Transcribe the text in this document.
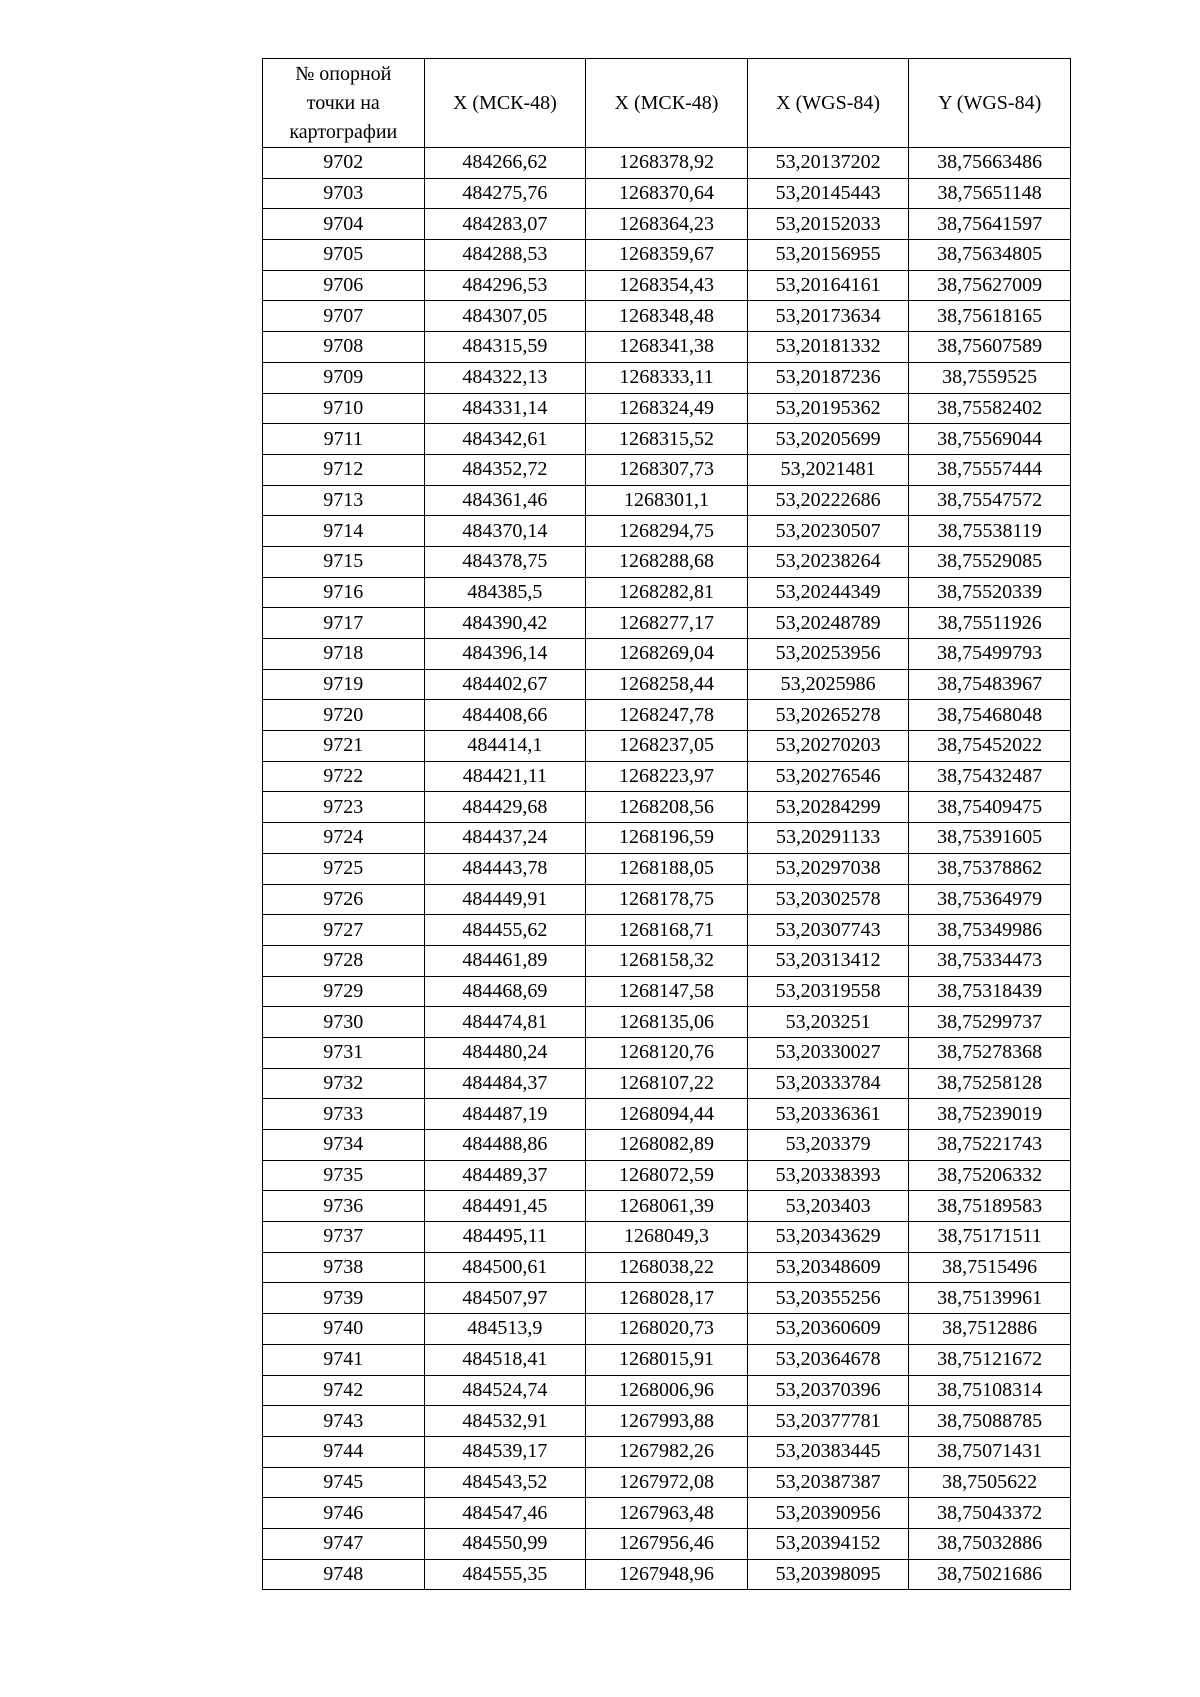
№ опорной
точки на
картографии	X (МСК-48)	X (МСК-48)	X (WGS-84)	Y (WGS-84)
9702	484266,62	1268378,92	53,20137202	38,75663486
9703	484275,76	1268370,64	53,20145443	38,75651148
9704	484283,07	1268364,23	53,20152033	38,75641597
9705	484288,53	1268359,67	53,20156955	38,75634805
9706	484296,53	1268354,43	53,20164161	38,75627009
9707	484307,05	1268348,48	53,20173634	38,75618165
9708	484315,59	1268341,38	53,20181332	38,75607589
9709	484322,13	1268333,11	53,20187236	38,7559525
9710	484331,14	1268324,49	53,20195362	38,75582402
9711	484342,61	1268315,52	53,20205699	38,75569044
9712	484352,72	1268307,73	53,2021481	38,75557444
9713	484361,46	1268301,1	53,20222686	38,75547572
9714	484370,14	1268294,75	53,20230507	38,75538119
9715	484378,75	1268288,68	53,20238264	38,75529085
9716	484385,5	1268282,81	53,20244349	38,75520339
9717	484390,42	1268277,17	53,20248789	38,75511926
9718	484396,14	1268269,04	53,20253956	38,75499793
9719	484402,67	1268258,44	53,2025986	38,75483967
9720	484408,66	1268247,78	53,20265278	38,75468048
9721	484414,1	1268237,05	53,20270203	38,75452022
9722	484421,11	1268223,97	53,20276546	38,75432487
9723	484429,68	1268208,56	53,20284299	38,75409475
9724	484437,24	1268196,59	53,20291133	38,75391605
9725	484443,78	1268188,05	53,20297038	38,75378862
9726	484449,91	1268178,75	53,20302578	38,75364979
9727	484455,62	1268168,71	53,20307743	38,75349986
9728	484461,89	1268158,32	53,20313412	38,75334473
9729	484468,69	1268147,58	53,20319558	38,75318439
9730	484474,81	1268135,06	53,203251	38,75299737
9731	484480,24	1268120,76	53,20330027	38,75278368
9732	484484,37	1268107,22	53,20333784	38,75258128
9733	484487,19	1268094,44	53,20336361	38,75239019
9734	484488,86	1268082,89	53,203379	38,75221743
9735	484489,37	1268072,59	53,20338393	38,75206332
9736	484491,45	1268061,39	53,203403	38,75189583
9737	484495,11	1268049,3	53,20343629	38,75171511
9738	484500,61	1268038,22	53,20348609	38,7515496
9739	484507,97	1268028,17	53,20355256	38,75139961
9740	484513,9	1268020,73	53,20360609	38,7512886
9741	484518,41	1268015,91	53,20364678	38,75121672
9742	484524,74	1268006,96	53,20370396	38,75108314
9743	484532,91	1267993,88	53,20377781	38,75088785
9744	484539,17	1267982,26	53,20383445	38,75071431
9745	484543,52	1267972,08	53,20387387	38,7505622
9746	484547,46	1267963,48	53,20390956	38,75043372
9747	484550,99	1267956,46	53,20394152	38,75032886
9748	484555,35	1267948,96	53,20398095	38,75021686
